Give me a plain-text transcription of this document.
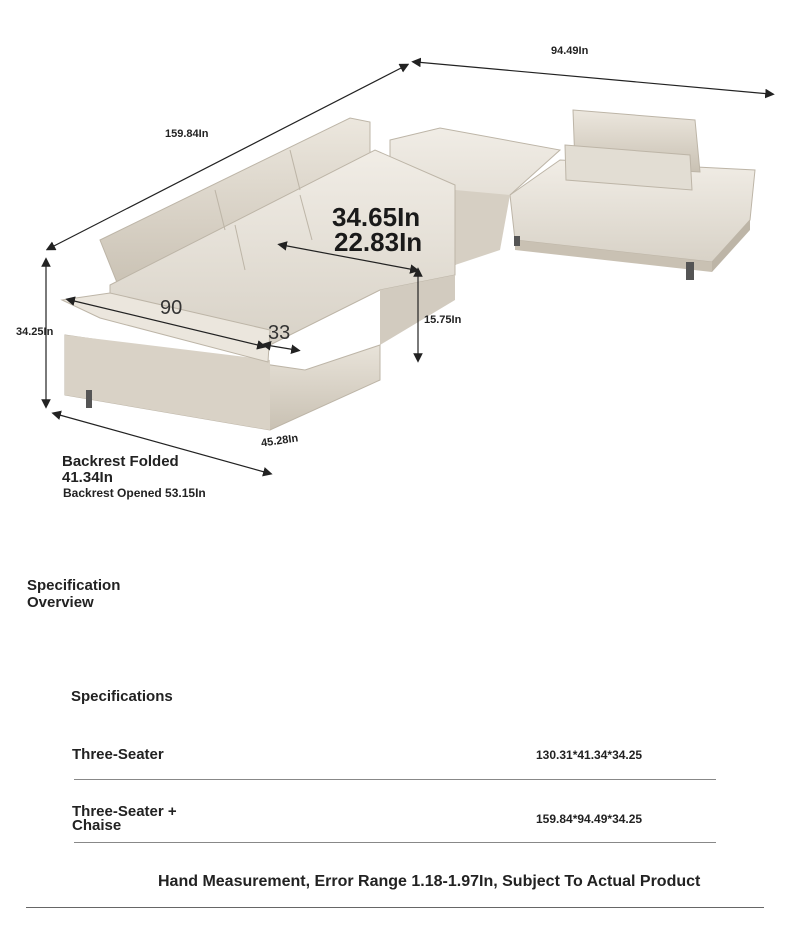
94.49In
159.84In
34.25In
34.65In
22.83In
15.75In
90
33
45.28In
Backrest Folded
41.34In
Backrest Opened 53.15In
Specification Overview
Specifications
Three-Seater	130.31*41.34*34.25
Three-Seater + Chaise	159.84*94.49*34.25
Hand Measurement, Error Range 1.18-1.97In, Subject To Actual Product
